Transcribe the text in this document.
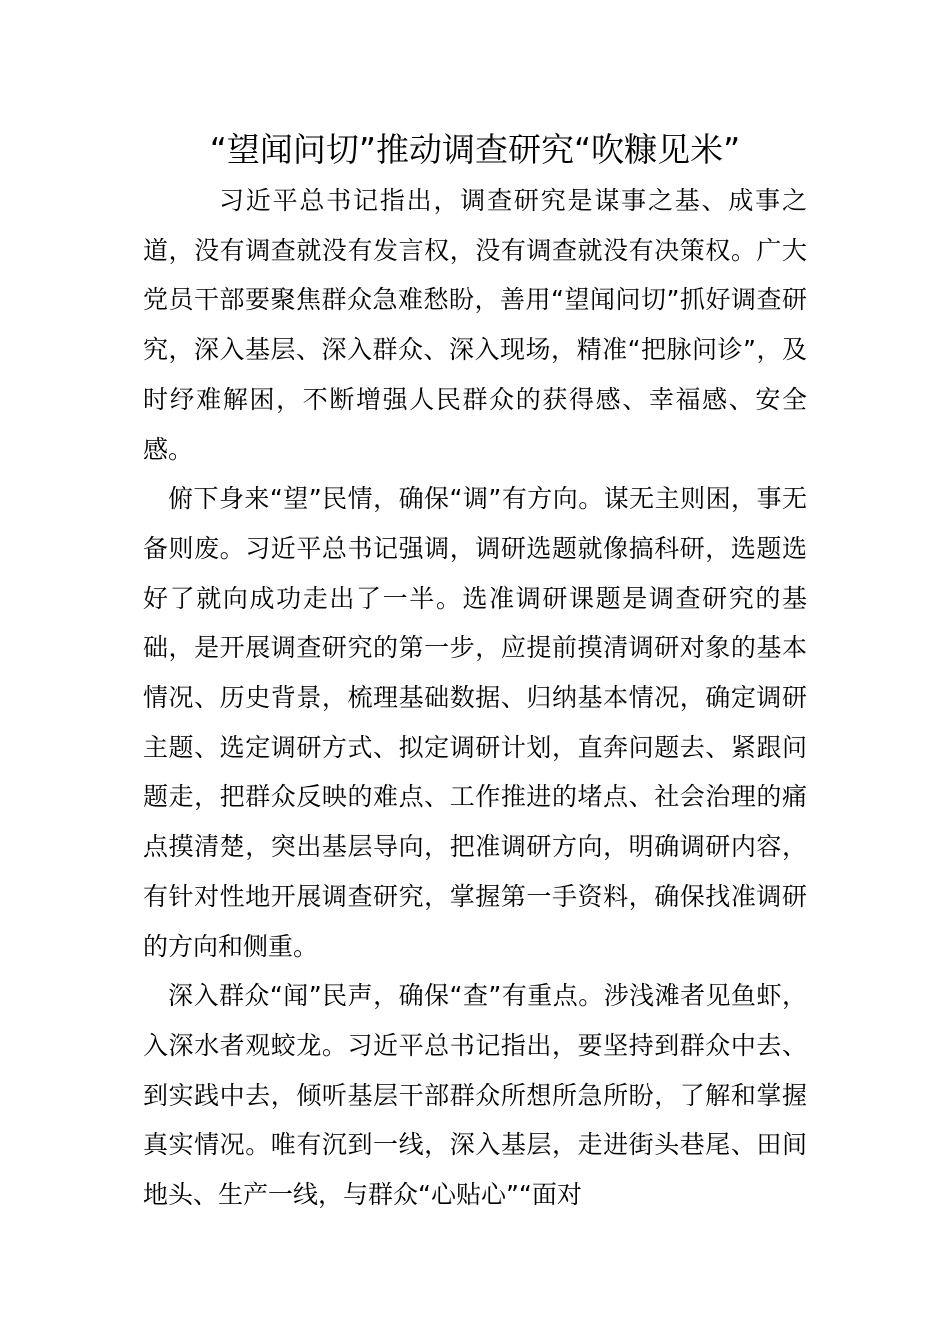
“望闻问切”推动调查研究“吹糠见米”

习近平总书记指出，调查研究是谋事之基、成事之道，没有调查就没有发言权，没有调查就没有决策权。广大党员干部要聚焦群众急难愁盼，善用“望闻问切”抓好调查研究，深入基层、深入群众、深入现场，精准“把脉问诊”，及时纾难解困，不断增强人民群众的获得感、幸福感、安全感。

俯下身来“望”民情，确保“调”有方向。谋无主则困，事无备则废。习近平总书记强调，调研选题就像搞科研，选题选好了就向成功走出了一半。选准调研课题是调查研究的基础，是开展调查研究的第一步，应提前摸清调研对象的基本情况、历史背景，梳理基础数据、归纳基本情况，确定调研主题、选定调研方式、拟定调研计划，直奔问题去、紧跟问题走，把群众反映的难点、工作推进的堵点、社会治理的痛点摸清楚，突出基层导向，把准调研方向，明确调研内容，有针对性地开展调查研究，掌握第一手资料，确保找准调研的方向和侧重。

深入群众“闻”民声，确保“查”有重点。涉浅滩者见鱼虾，入深水者观蛟龙。习近平总书记指出，要坚持到群众中去、到实践中去，倾听基层干部群众所想所急所盼，了解和掌握真实情况。唯有沉到一线，深入基层，走进街头巷尾、田间地头、生产一线，与群众“心贴心”“面对
